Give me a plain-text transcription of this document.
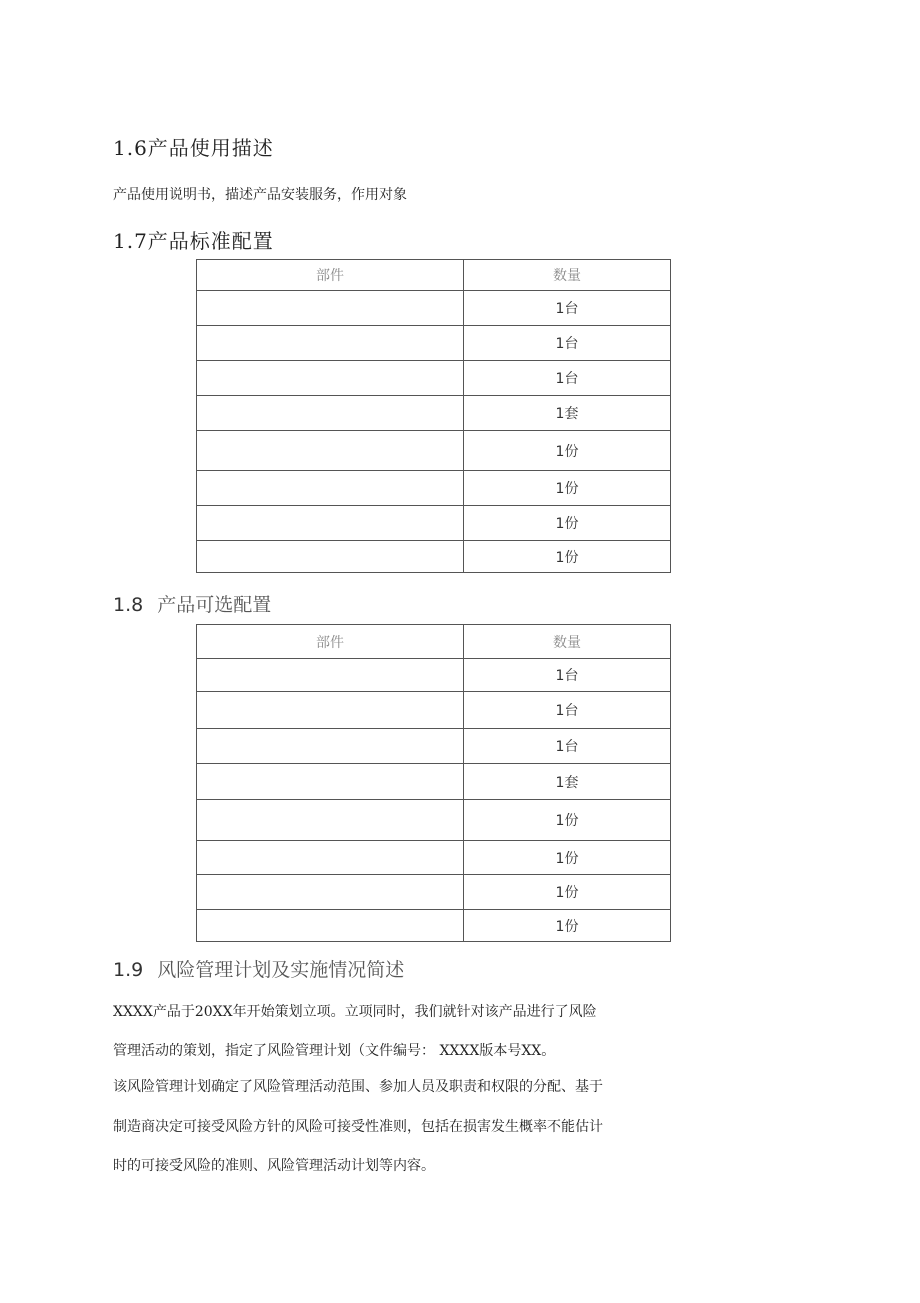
1.6产品使用描述
产品使用说明书，描述产品安装服务，作用对象
1.7产品标准配置
部件	数量
	1台
	1台
	1台
	1套
	1份
	1份
	1份
	1份
1.8 产品可选配置
部件	数量
	1台
	1台
	1台
	1套
	1份
	1份
	1份
	1份
1.9 风险管理计划及实施情况简述
XXXX产品于20XX年开始策划立项。立项同时，我们就针对该产品进行了风险
管理活动的策划，指定了风险管理计划（文件编号： XXXX版本号XX。
该风险管理计划确定了风险管理活动范围、参加人员及职责和权限的分配、基于
制造商决定可接受风险方针的风险可接受性准则，包括在损害发生概率不能估计
时的可接受风险的准则、风险管理活动计划等内容。
